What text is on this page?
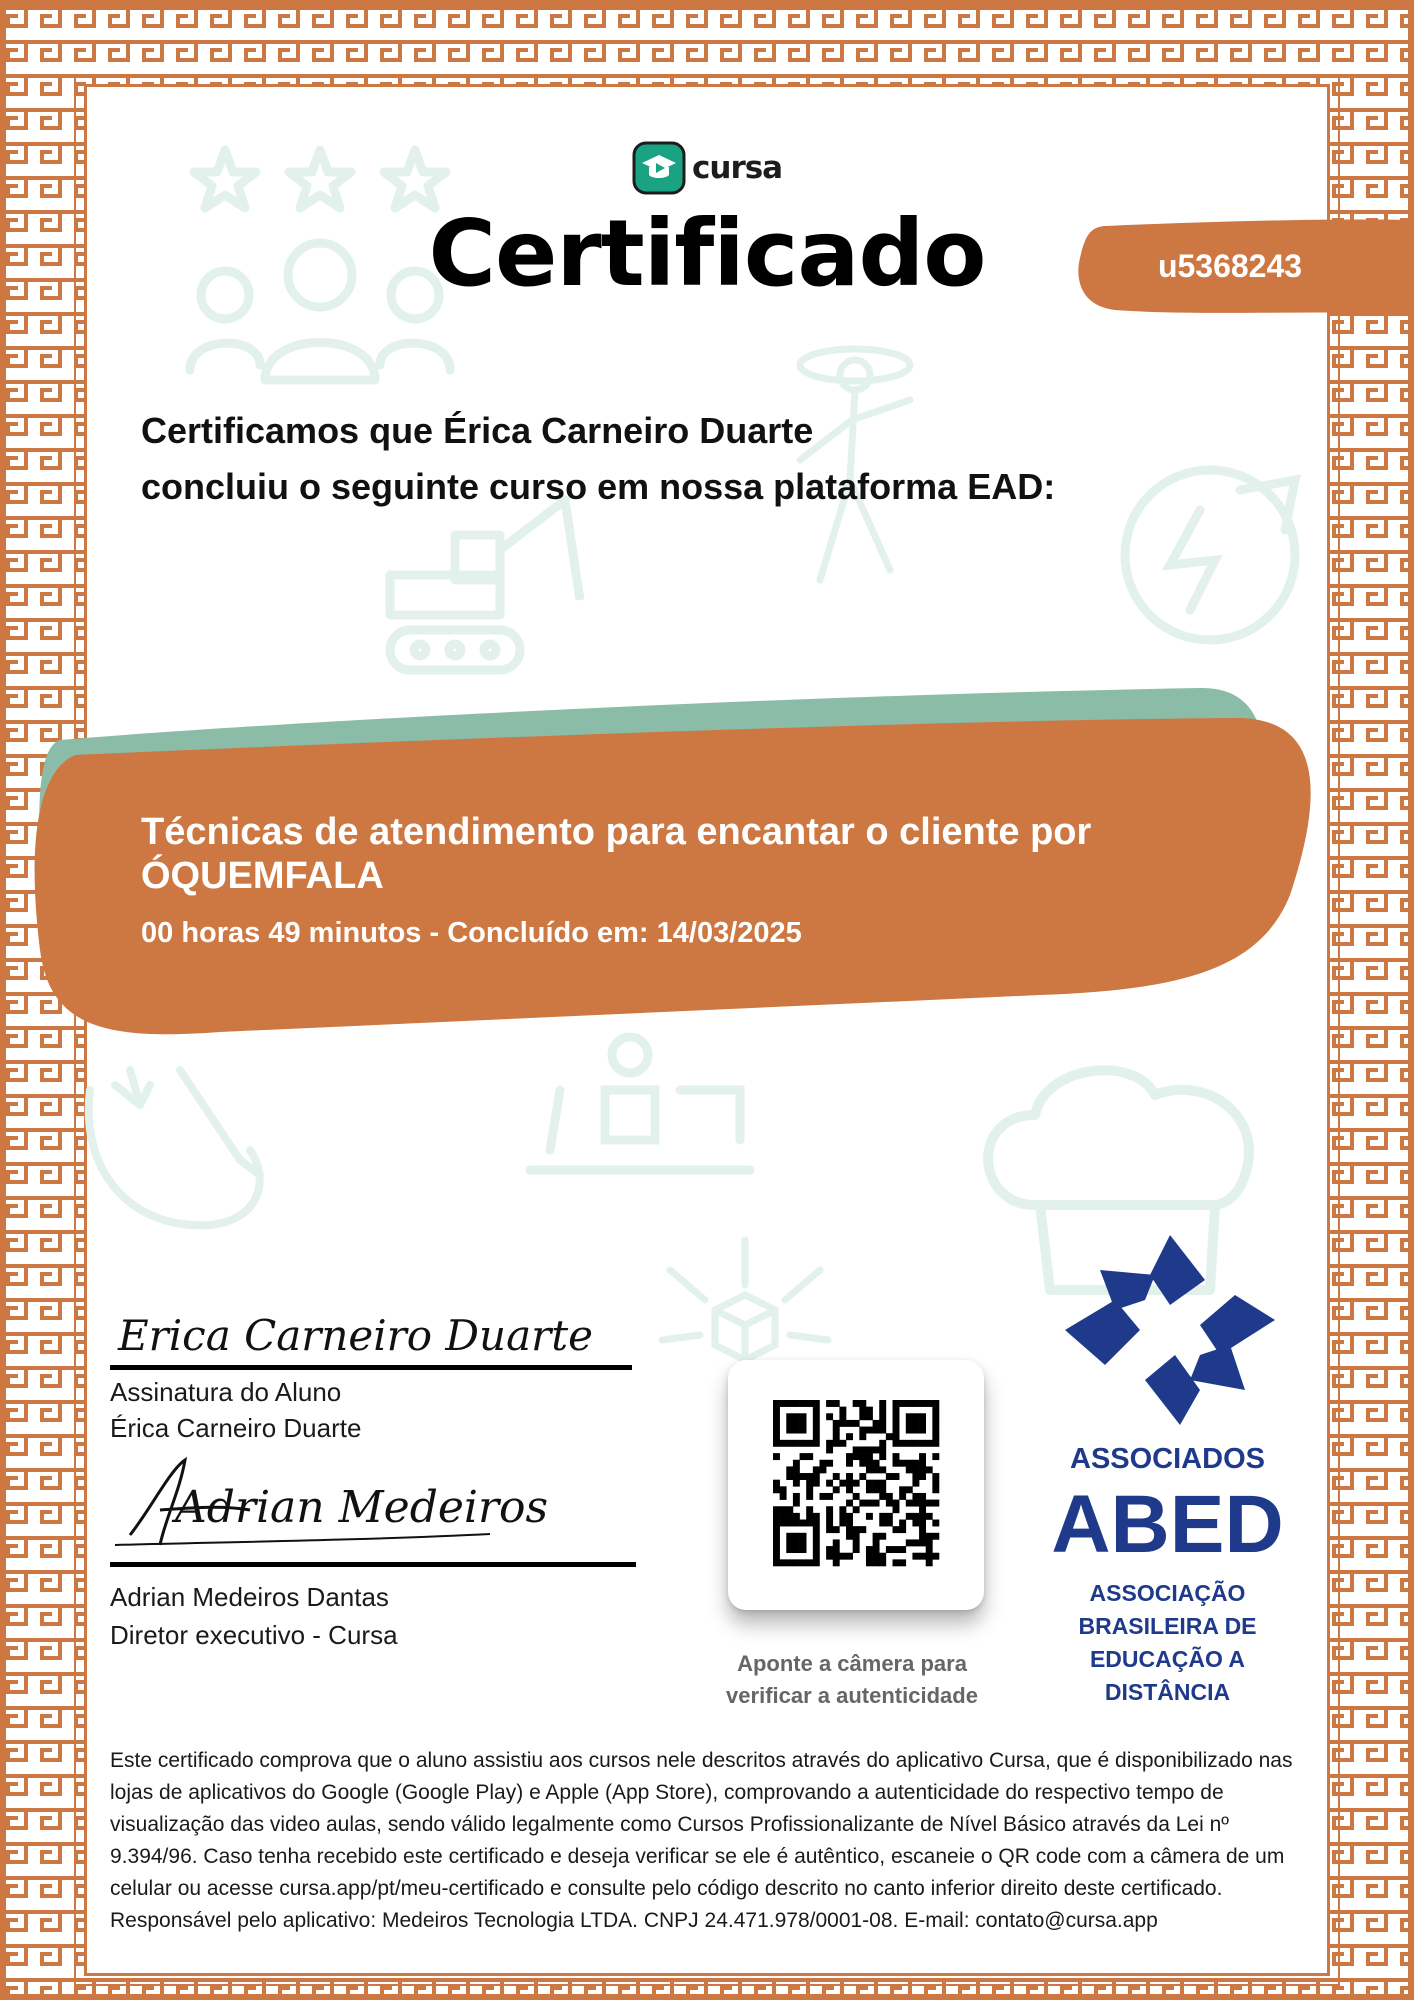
cursa
Certificado	u5368243
Certificamos que Érica Carneiro Duarte
concluiu o seguinte curso em nossa plataforma EAD:
Técnicas de atendimento para encantar o cliente por ÓQUEMFALA
00 horas 49 minutos - Concluído em: 14/03/2025
Erica Carneiro Duarte
Assinatura do Aluno
Érica Carneiro Duarte
Adrian Medeiros
Adrian Medeiros Dantas
Diretor executivo - Cursa
Aponte a câmera para
verificar a autenticidade
ASSOCIADOS
ABED
ASSOCIAÇÃO
BRASILEIRA DE
EDUCAÇÃO A
DISTÂNCIA
Este certificado comprova que o aluno assistiu aos cursos nele descritos através do aplicativo Cursa, que é disponibilizado nas lojas de aplicativos do Google (Google Play) e Apple (App Store), comprovando a autenticidade do respectivo tempo de visualização das video aulas, sendo válido legalmente como Cursos Profissionalizante de Nível Básico através da Lei nº 9.394/96. Caso tenha recebido este certificado e deseja verificar se ele é autêntico, escaneie o QR code com a câmera de um celular ou acesse cursa.app/pt/meu-certificado e consulte pelo código descrito no canto inferior direito deste certificado.
Responsável pelo aplicativo: Medeiros Tecnologia LTDA. CNPJ 24.471.978/0001-08. E-mail: contato@cursa.app
